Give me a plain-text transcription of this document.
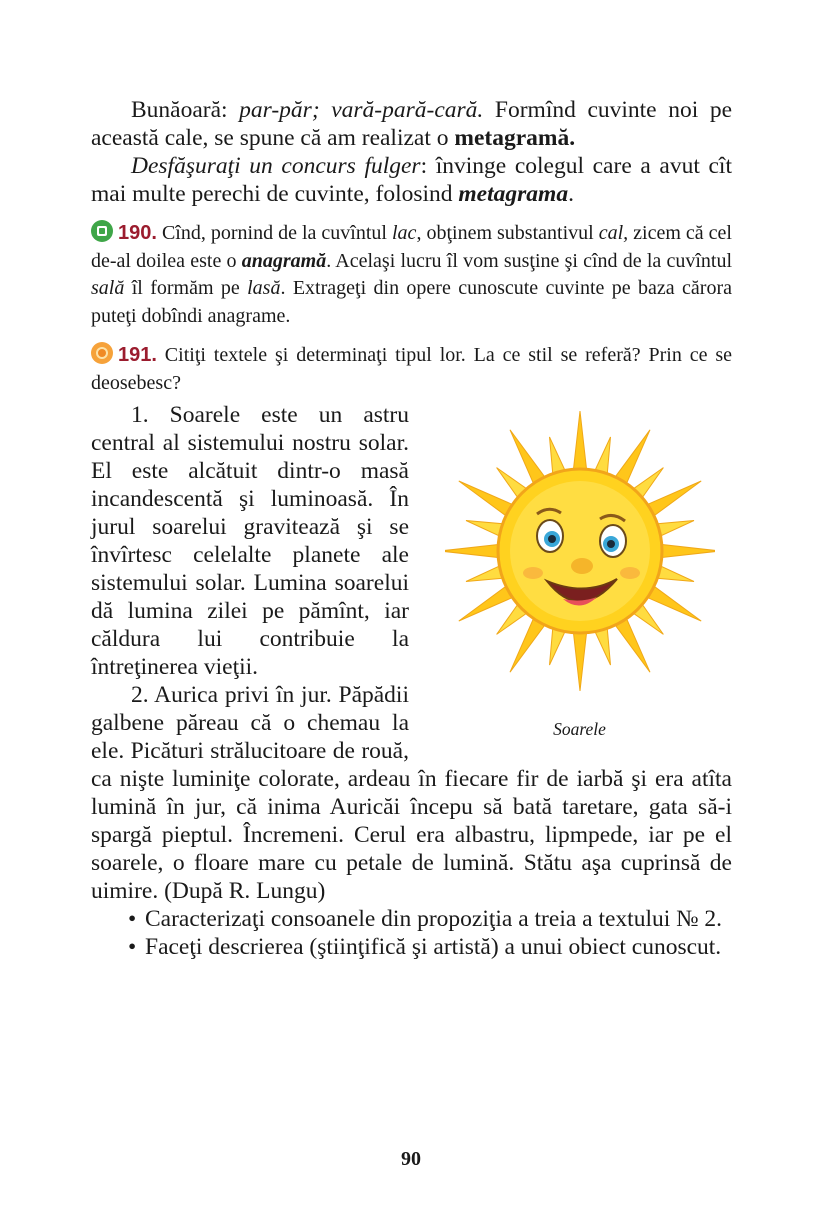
Bunăoară: par-păr; vară-pară-cară. Formînd cuvinte noi pe această cale, se spune că am realizat o metagramă.

Desfăşuraţi un concurs fulger: învinge colegul care a avut cît mai multe perechi de cuvinte, folosind metagrama.

190. Cînd, pornind de la cuvîntul lac, obţinem substantivul cal, zicem că cel de-al doilea este o anagramă. Acelaşi lucru îl vom susţine şi cînd de la cuvîntul sală îl formăm pe lasă. Extrageţi din opere cunoscute cuvinte pe baza cărora puteţi dobîndi anagrame.

191. Citiţi textele şi determinaţi tipul lor. La ce stil se referă? Prin ce se deosebesc?

Soarele

1. Soarele este un astru central al sistemului nostru solar. El este alcătuit dintr-o masă incandescentă şi luminoasă. În jurul soarelui gravitează şi se învîrtesc celelalte planete ale sistemului solar. Lumina soarelui dă lumina zilei pe pămînt, iar căldura lui contribuie la întreţinerea vieţii.

2. Aurica privi în jur. Păpădii galbene păreau că o chemau la ele. Picături strălucitoare de rouă, ca nişte luminiţe colorate, ardeau în fiecare fir de iarbă şi era atîta lumină în jur, că inima Auricăi începu să bată taretare, gata să-i spargă pieptul. Încremeni. Cerul era albastru, lipmpede, iar pe el soarele, o floare mare cu petale de lumină. Stătu aşa cuprinsă de uimire. (După R. Lungu)

• Caracterizaţi consoanele din propoziţia a treia a textului № 2.
• Faceţi descrierea (ştiinţifică şi artistă) a unui obiect cunoscut.
90
